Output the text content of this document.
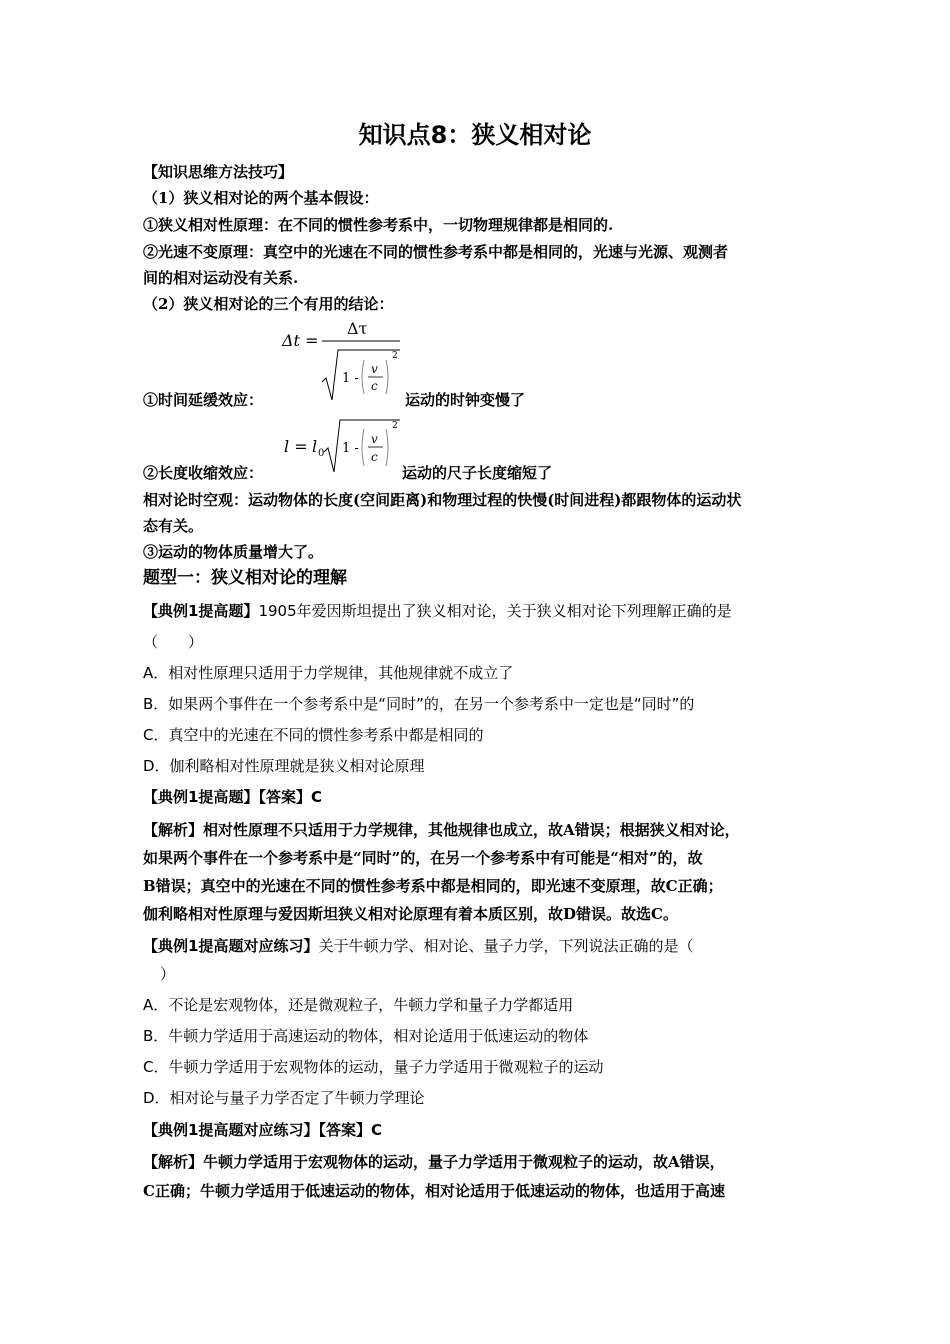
知识点8：狭义相对论
【知识思维方法技巧】
（1）狭义相对论的两个基本假设：
①狭义相对性原理：在不同的惯性参考系中，一切物理规律都是相同的.
②光速不变原理：真空中的光速在不同的惯性参考系中都是相同的，光速与光源、观测者
间的相对运动没有关系.
（2）狭义相对论的三个有用的结论：
Δt =
Δτ
1 -
v
c
2
①时间延缓效应：	运动的时钟变慢了
l = l 0 1 -
v
c
2
②长度收缩效应：	运动的尺子长度缩短了
相对论时空观：运动物体的长度(空间距离)和物理过程的快慢(时间进程)都跟物体的运动状
态有关。
③运动的物体质量增大了。
题型一：狭义相对论的理解
【典例1提高题】1905年爱因斯坦提出了狭义相对论，关于狭义相对论下列理解正确的是
（　　）
A．相对性原理只适用于力学规律，其他规律就不成立了
B．如果两个事件在一个参考系中是“同时”的，在另一个参考系中一定也是“同时”的
C．真空中的光速在不同的惯性参考系中都是相同的
D．伽利略相对性原理就是狭义相对论原理
【典例1提高题】【答案】C
【解析】相对性原理不只适用于力学规律，其他规律也成立，故A错误；根据狭义相对论，
如果两个事件在一个参考系中是“同时”的，在另一个参考系中有可能是“相对”的，故
B错误；真空中的光速在不同的惯性参考系中都是相同的，即光速不变原理，故C正确；
伽利略相对性原理与爱因斯坦狭义相对论原理有着本质区别，故D错误。故选C。
【典例1提高题对应练习】关于牛顿力学、相对论、量子力学，下列说法正确的是（
）
A．不论是宏观物体，还是微观粒子，牛顿力学和量子力学都适用
B．牛顿力学适用于高速运动的物体，相对论适用于低速运动的物体
C．牛顿力学适用于宏观物体的运动，量子力学适用于微观粒子的运动
D．相对论与量子力学否定了牛顿力学理论
【典例1提高题对应练习】【答案】C
【解析】牛顿力学适用于宏观物体的运动，量子力学适用于微观粒子的运动，故A错误，
C正确；牛顿力学适用于低速运动的物体，相对论适用于低速运动的物体，也适用于高速
